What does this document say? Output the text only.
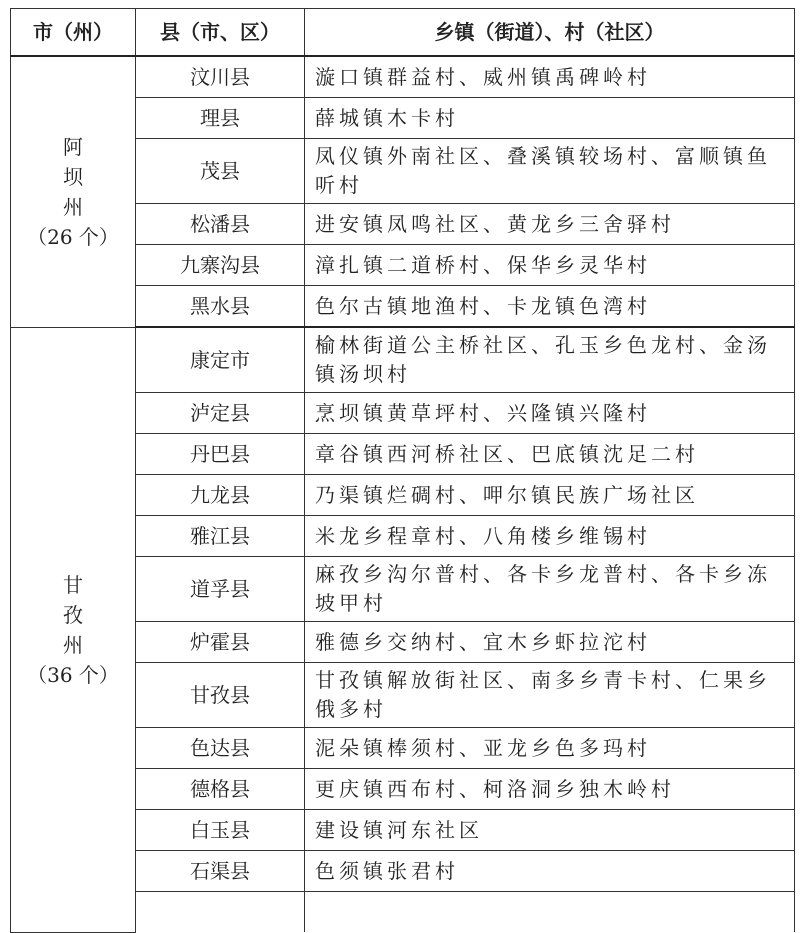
市（州）	县（市、区）	乡镇（街道）、村（社区）

阿
坝
州
（26 个）	汶川县	漩口镇群益村、威州镇禹碑岭村
	理县	薛城镇木卡村
	茂县	凤仪镇外南社区、叠溪镇较场村、富顺镇鱼听村
	松潘县	进安镇凤鸣社区、黄龙乡三舍驿村
	九寨沟县	漳扎镇二道桥村、保华乡灵华村
	黑水县	色尔古镇地渔村、卡龙镇色湾村

甘
孜
州
（36 个）	康定市	榆林街道公主桥社区、孔玉乡色龙村、金汤镇汤坝村
	泸定县	烹坝镇黄草坪村、兴隆镇兴隆村
	丹巴县	章谷镇西河桥社区、巴底镇沈足二村
	九龙县	乃渠镇烂碉村、呷尔镇民族广场社区
	雅江县	米龙乡程章村、八角楼乡维锡村
	道孚县	麻孜乡沟尔普村、各卡乡龙普村、各卡乡冻坡甲村
	炉霍县	雅德乡交纳村、宜木乡虾拉沱村
	甘孜县	甘孜镇解放街社区、南多乡青卡村、仁果乡俄多村
	色达县	泥朵镇棒须村、亚龙乡色多玛村
	德格县	更庆镇西布村、柯洛洞乡独木岭村
	白玉县	建设镇河东社区
	石渠县	色须镇张君村
